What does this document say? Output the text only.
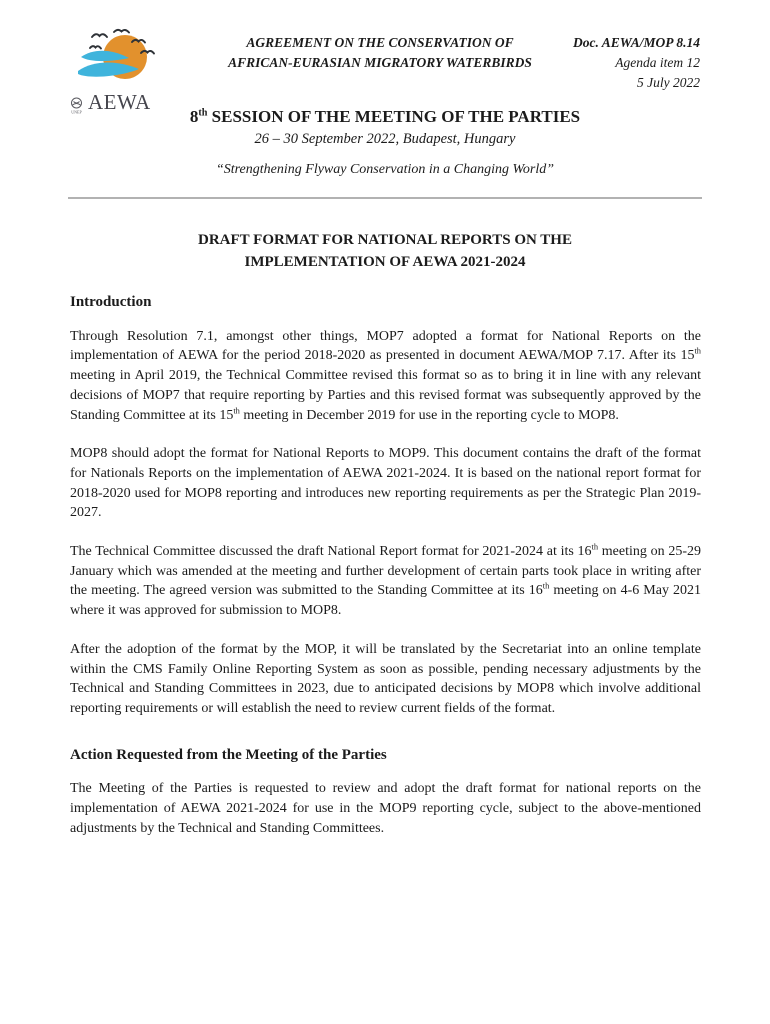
UNEP AEWA
AGREEMENT ON THE CONSERVATION OF
AFRICAN-EURASIAN MIGRATORY WATERBIRDS
Doc. AEWA/MOP 8.14
Agenda item 12
5 July 2022
8th SESSION OF THE MEETING OF THE PARTIES
26 – 30 September 2022, Budapest, Hungary
“Strengthening Flyway Conservation in a Changing World”
DRAFT FORMAT FOR NATIONAL REPORTS ON THE
IMPLEMENTATION OF AEWA 2021-2024
Introduction

Through Resolution 7.1, amongst other things, MOP7 adopted a format for National Reports on the implementation of AEWA for the period 2018-2020 as presented in document AEWA/MOP 7.17. After its 15th meeting in April 2019, the Technical Committee revised this format so as to bring it in line with any relevant decisions of MOP7 that require reporting by Parties and this revised format was subsequently approved by the Standing Committee at its 15th meeting in December 2019 for use in the reporting cycle to MOP8.

MOP8 should adopt the format for National Reports to MOP9. This document contains the draft of the format for Nationals Reports on the implementation of AEWA 2021-2024. It is based on the national report format for 2018-2020 used for MOP8 reporting and introduces new reporting requirements as per the Strategic Plan 2019-2027.

The Technical Committee discussed the draft National Report format for 2021-2024 at its 16th meeting on 25-29 January which was amended at the meeting and further development of certain parts took place in writing after the meeting. The agreed version was submitted to the Standing Committee at its 16th meeting on 4-6 May 2021 where it was approved for submission to MOP8.

After the adoption of the format by the MOP, it will be translated by the Secretariat into an online template within the CMS Family Online Reporting System as soon as possible, pending necessary adjustments by the Technical and Standing Committees in 2023, due to anticipated decisions by MOP8 which involve additional reporting requirements or will establish the need to review current fields of the format.

Action Requested from the Meeting of the Parties

The Meeting of the Parties is requested to review and adopt the draft format for national reports on the implementation of AEWA 2021-2024 for use in the MOP9 reporting cycle, subject to the above-mentioned adjustments by the Technical and Standing Committees.
